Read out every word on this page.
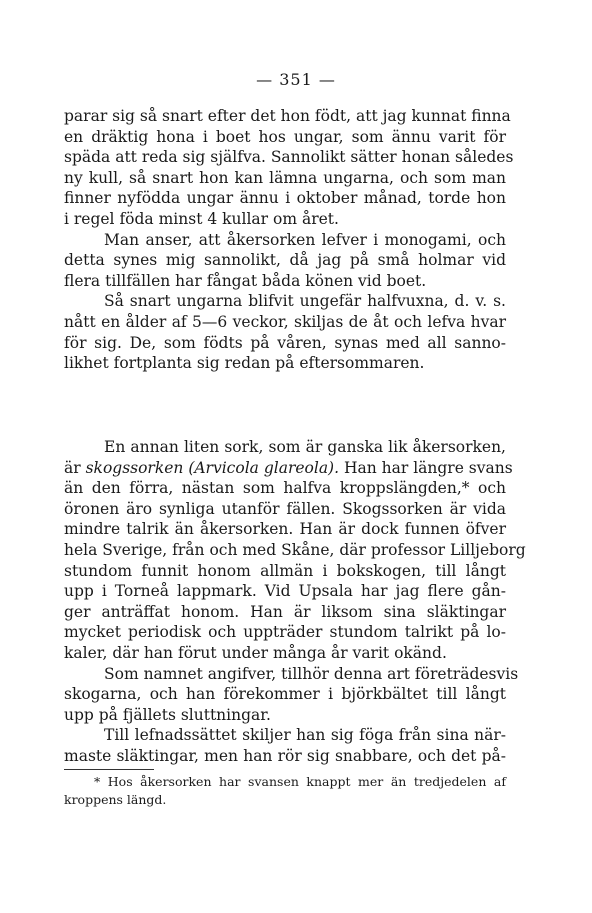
— 351 —
parar sig så snart efter det hon födt, att jag kunnat finna
en dräktig hona i boet hos ungar, som ännu varit för
späda att reda sig själfva. Sannolikt sätter honan således
ny kull, så snart hon kan lämna ungarna, och som man
finner nyfödda ungar ännu i oktober månad, torde hon
i regel föda minst 4 kullar om året.
Man anser, att åkersorken lefver i monogami, och
detta synes mig sannolikt, då jag på små holmar vid
flera tillfällen har fångat båda könen vid boet.
Så snart ungarna blifvit ungefär halfvuxna, d. v. s.
nått en ålder af 5—6 veckor, skiljas de åt och lefva hvar
för sig. De, som födts på våren, synas med all sanno-
likhet fortplanta sig redan på eftersommaren.
En annan liten sork, som är ganska lik åkersorken,
är skogssorken (Arvicola glareola). Han har längre svans
än den förra, nästan som halfva kroppslängden,* och
öronen äro synliga utanför fällen. Skogssorken är vida
mindre talrik än åkersorken. Han är dock funnen öfver
hela Sverige, från och med Skåne, där professor Lilljeborg
stundom funnit honom allmän i bokskogen, till långt
upp i Torneå lappmark. Vid Upsala har jag flere gån-
ger anträffat honom. Han är liksom sina släktingar
mycket periodisk och uppträder stundom talrikt på lo-
kaler, där han förut under många år varit okänd.
Som namnet angifver, tillhör denna art företrädesvis
skogarna, och han förekommer i björkbältet till långt
upp på fjällets sluttningar.
Till lefnadssättet skiljer han sig föga från sina när-
maste släktingar, men han rör sig snabbare, och det på-
* Hos åkersorken har svansen knappt mer än tredjedelen af
kroppens längd.
